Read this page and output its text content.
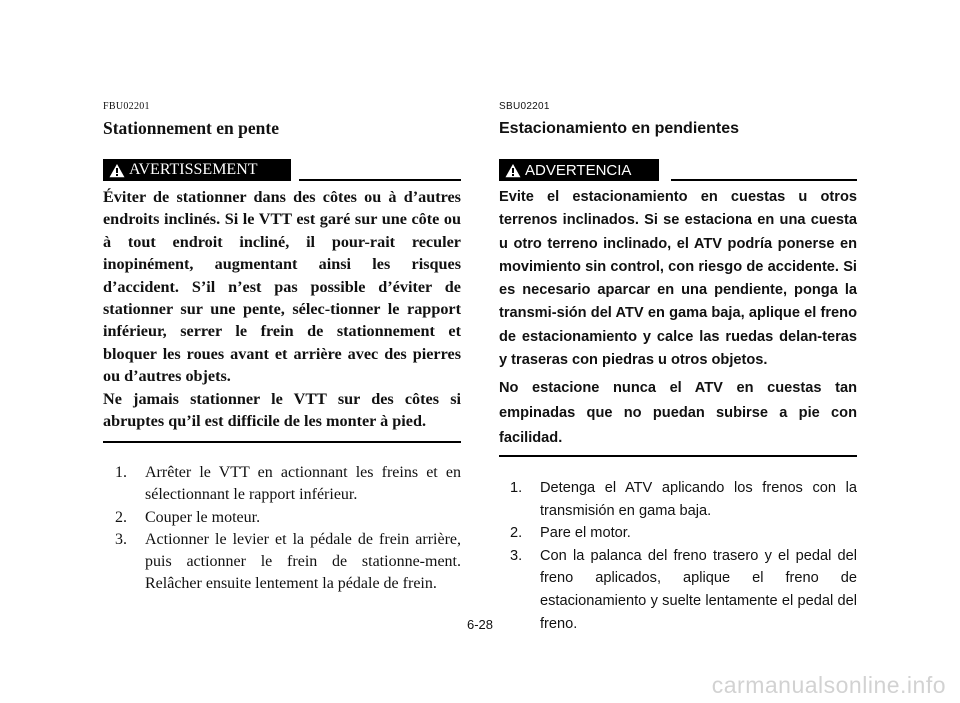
FBU02201
Stationnement en pente
AVERTISSEMENT

Éviter de stationner dans des côtes ou à d’autres endroits inclinés. Si le VTT est garé sur une côte ou à tout endroit incliné, il pour-rait reculer inopinément, augmentant ainsi les risques d’accident. S’il n’est pas possible d’éviter de stationner sur une pente, sélec-tionner le rapport inférieur, serrer le frein de stationnement et bloquer les roues avant et arrière avec des pierres ou d’autres objets.

Ne jamais stationner le VTT sur des côtes si abruptes qu’il est difficile de les monter à pied.

1. Arrêter le VTT en actionnant les freins et en sélectionnant le rapport inférieur.
2. Couper le moteur.
3. Actionner le levier et la pédale de frein arrière, puis actionner le frein de stationne-ment. Relâcher ensuite lentement la pédale de frein.
SBU02201
Estacionamiento en pendientes
ADVERTENCIA

Evite el estacionamiento en cuestas u otros terrenos inclinados. Si se estaciona en una cuesta u otro terreno inclinado, el ATV podría ponerse en movimiento sin control, con riesgo de accidente. Si es necesario aparcar en una pendiente, ponga la transmi-sión del ATV en gama baja, aplique el freno de estacionamiento y calce las ruedas delan-teras y traseras con piedras u otros objetos.

No estacione nunca el ATV en cuestas tan empinadas que no puedan subirse a pie con facilidad.

1. Detenga el ATV aplicando los frenos con la transmisión en gama baja.
2. Pare el motor.
3. Con la palanca del freno trasero y el pedal del freno aplicados, aplique el freno de estacionamiento y suelte lentamente el pedal del freno.
6-28
carmanualsonline.info
